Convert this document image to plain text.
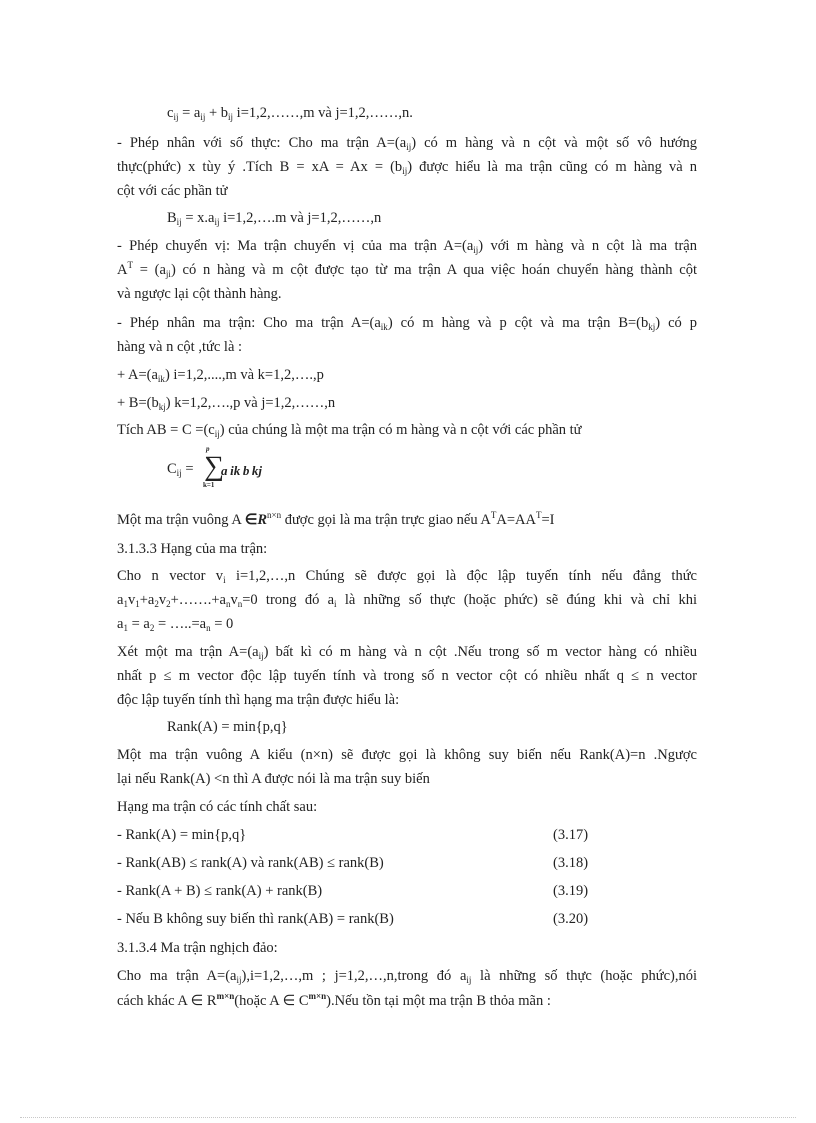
$c_{ij} = a_{ij} + b_{ij}$ i=1,2,……,m và j=1,2,……,n.
- Phép nhân với số thực: Cho ma trận $A=(a_{ij})$ có m hàng và n cột và một số vô hướng
thực(phức) x tùy ý .Tích B = xA = $Ax = (b_{ij})$ được hiểu là ma trận cũng có m hàng và n
cột với các phần tử
$B_{ij} = x.a_{ij}$ i=1,2,….m và j=1,2,……,n
- Phép chuyển vị: Ma trận chuyển vị của ma trận $A=(a_{ij})$ với m hàng và n cột là ma trận
$A^T = (a_{ji})$ có n hàng và m cột được tạo từ ma trận A qua việc hoán chuyển hàng thành cột
và ngược lại cột thành hàng.
- Phép nhân ma trận: Cho ma trận $A=(a_{ik})$ có m hàng và p cột và ma trận $B=(b_{kj})$ có p
hàng và n cột ,tức là :
+ $A=(a_{ik})$ i=1,2,....,m và k=1,2,….,p
+ $B=(b_{kj})$ k=1,2,….,p và j=1,2,……,n
Tích AB = $C =(c_{ij})$ của chúng là một ma trận có m hàng và n cột với các phần tử
$C_{ij}$ =
p
∑
k=1
a ik b kj
Một ma trận vuông A $\in R^{n\times n}$ được gọi là ma trận trực giao nếu $A^TA=AA^T=I$
3.1.3.3 Hạng của ma trận:
Cho n vector $v_i$ i=1,2,…,n Chúng sẽ được gọi là độc lập tuyến tính nếu đẳng thức
$a_1v_1+a_2v_2+\dots\dots.+a_nv_n=0$ trong đó $a_i$ là những số thực (hoặc phức) sẽ đúng khi và chỉ khi
$a_1 = a_2$ = $\dots..=a_n = 0$
Xét một ma trận $A=(a_{ij})$ bất kì có m hàng và n cột .Nếu trong số m vector hàng có nhiều
nhất p ≤ m vector độc lập tuyến tính và trong số n vector cột có nhiều nhất q ≤ n vector
độc lập tuyến tính thì hạng ma trận được hiểu là:
Rank(A) = min{p,q}
Một ma trận vuông A kiểu (n×n) sẽ được gọi là không suy biến nếu Rank(A)=n .Ngược
lại nếu Rank(A) <n thì A được nói là ma trận suy biến
Hạng ma trận có các tính chất sau:
- Rank(A) = min{p,q}	(3.17)
- Rank(AB) ≤ rank(A) và rank(AB) ≤ rank(B)	(3.18)
- Rank(A + B) ≤ rank(A) + rank(B)	(3.19)
- Nếu B không suy biến thì rank(AB) = rank(B)	(3.20)
3.1.3.4 Ma trận nghịch đảo:
Cho ma trận $A=(a_{ij}),i=1,2,\dots,m$ ; j=1,2,…,n,trong đó $a_{ij}$ là những số thực (hoặc phức),nói
cách khác A ∈ $R^{m\times n}(hoặc$ A ∈ $C^{m\times n}).Nếu$ tồn tại một ma trận B thỏa mãn :
